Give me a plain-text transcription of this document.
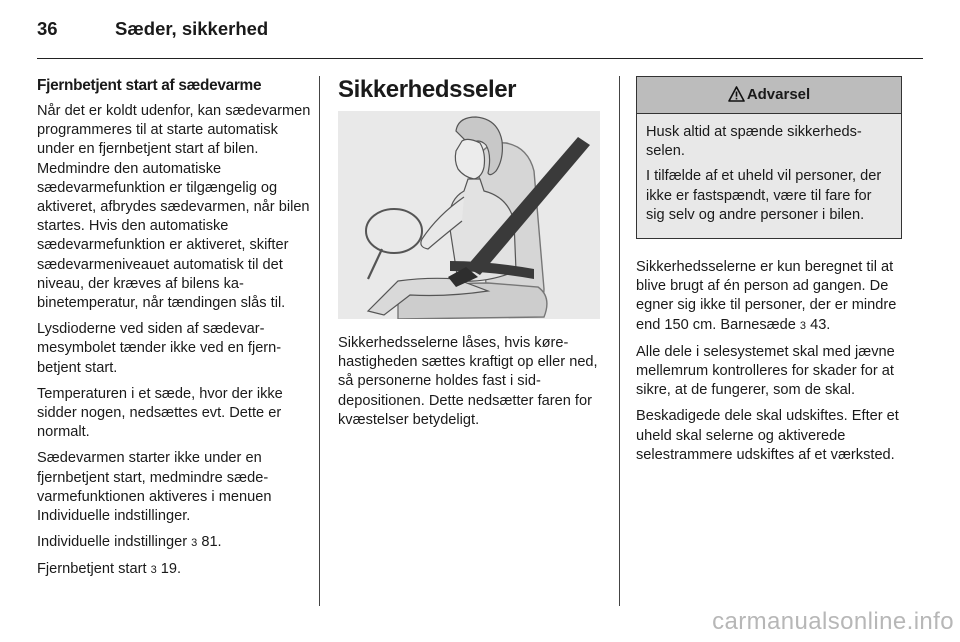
36	Sæder, sikkerhed

Fjernbetjent start af sædevarme

Når det er koldt udenfor, kan sædevarmen programmeres til at starte automatisk under en fjernbetjent start af bilen. Medmindre den automatiske sædevarmefunktion er tilgængelig og aktiveret, afbrydes sædevarmen, når bilen startes. Hvis den automatiske sædevarmefunktion er aktiveret, skifter sædevarmeniveauet automatisk til det niveau, der kræves af bilens kabinetemperatur, når tændingen slås til.

Lysdioderne ved siden af sædevarmesymbolet tænder ikke ved en fjernbetjent start.

Temperaturen i et sæde, hvor der ikke sidder nogen, nedsættes evt. Dette er normalt.

Sædevarmen starter ikke under en fjernbetjent start, medmindre sædevarmefunktionen aktiveres i menuen Individuelle indstillinger.

Individuelle indstillinger 3 81.

Fjernbetjent start 3 19.

Sikkerhedsseler

Sikkerhedsselerne låses, hvis kørehastigheden sættes kraftigt op eller ned, så personerne holdes fast i siddepositionen. Dette nedsætter faren for kvæstelser betydeligt.

Advarsel

Husk altid at spænde sikkerhedsselen.

I tilfælde af et uheld vil personer, der ikke er fastspændt, være til fare for sig selv og andre personer i bilen.

Sikkerhedsselerne er kun beregnet til at blive brugt af én person ad gangen. De egner sig ikke til personer, der er mindre end 150 cm. Barnesæde 3 43.

Alle dele i selesystemet skal med jævne mellemrum kontrolleres for skader for at sikre, at de fungerer, som de skal.

Beskadigede dele skal udskiftes. Efter et uheld skal selerne og aktiverede selestrammere udskiftes af et værksted.

carmanualsonline.info
